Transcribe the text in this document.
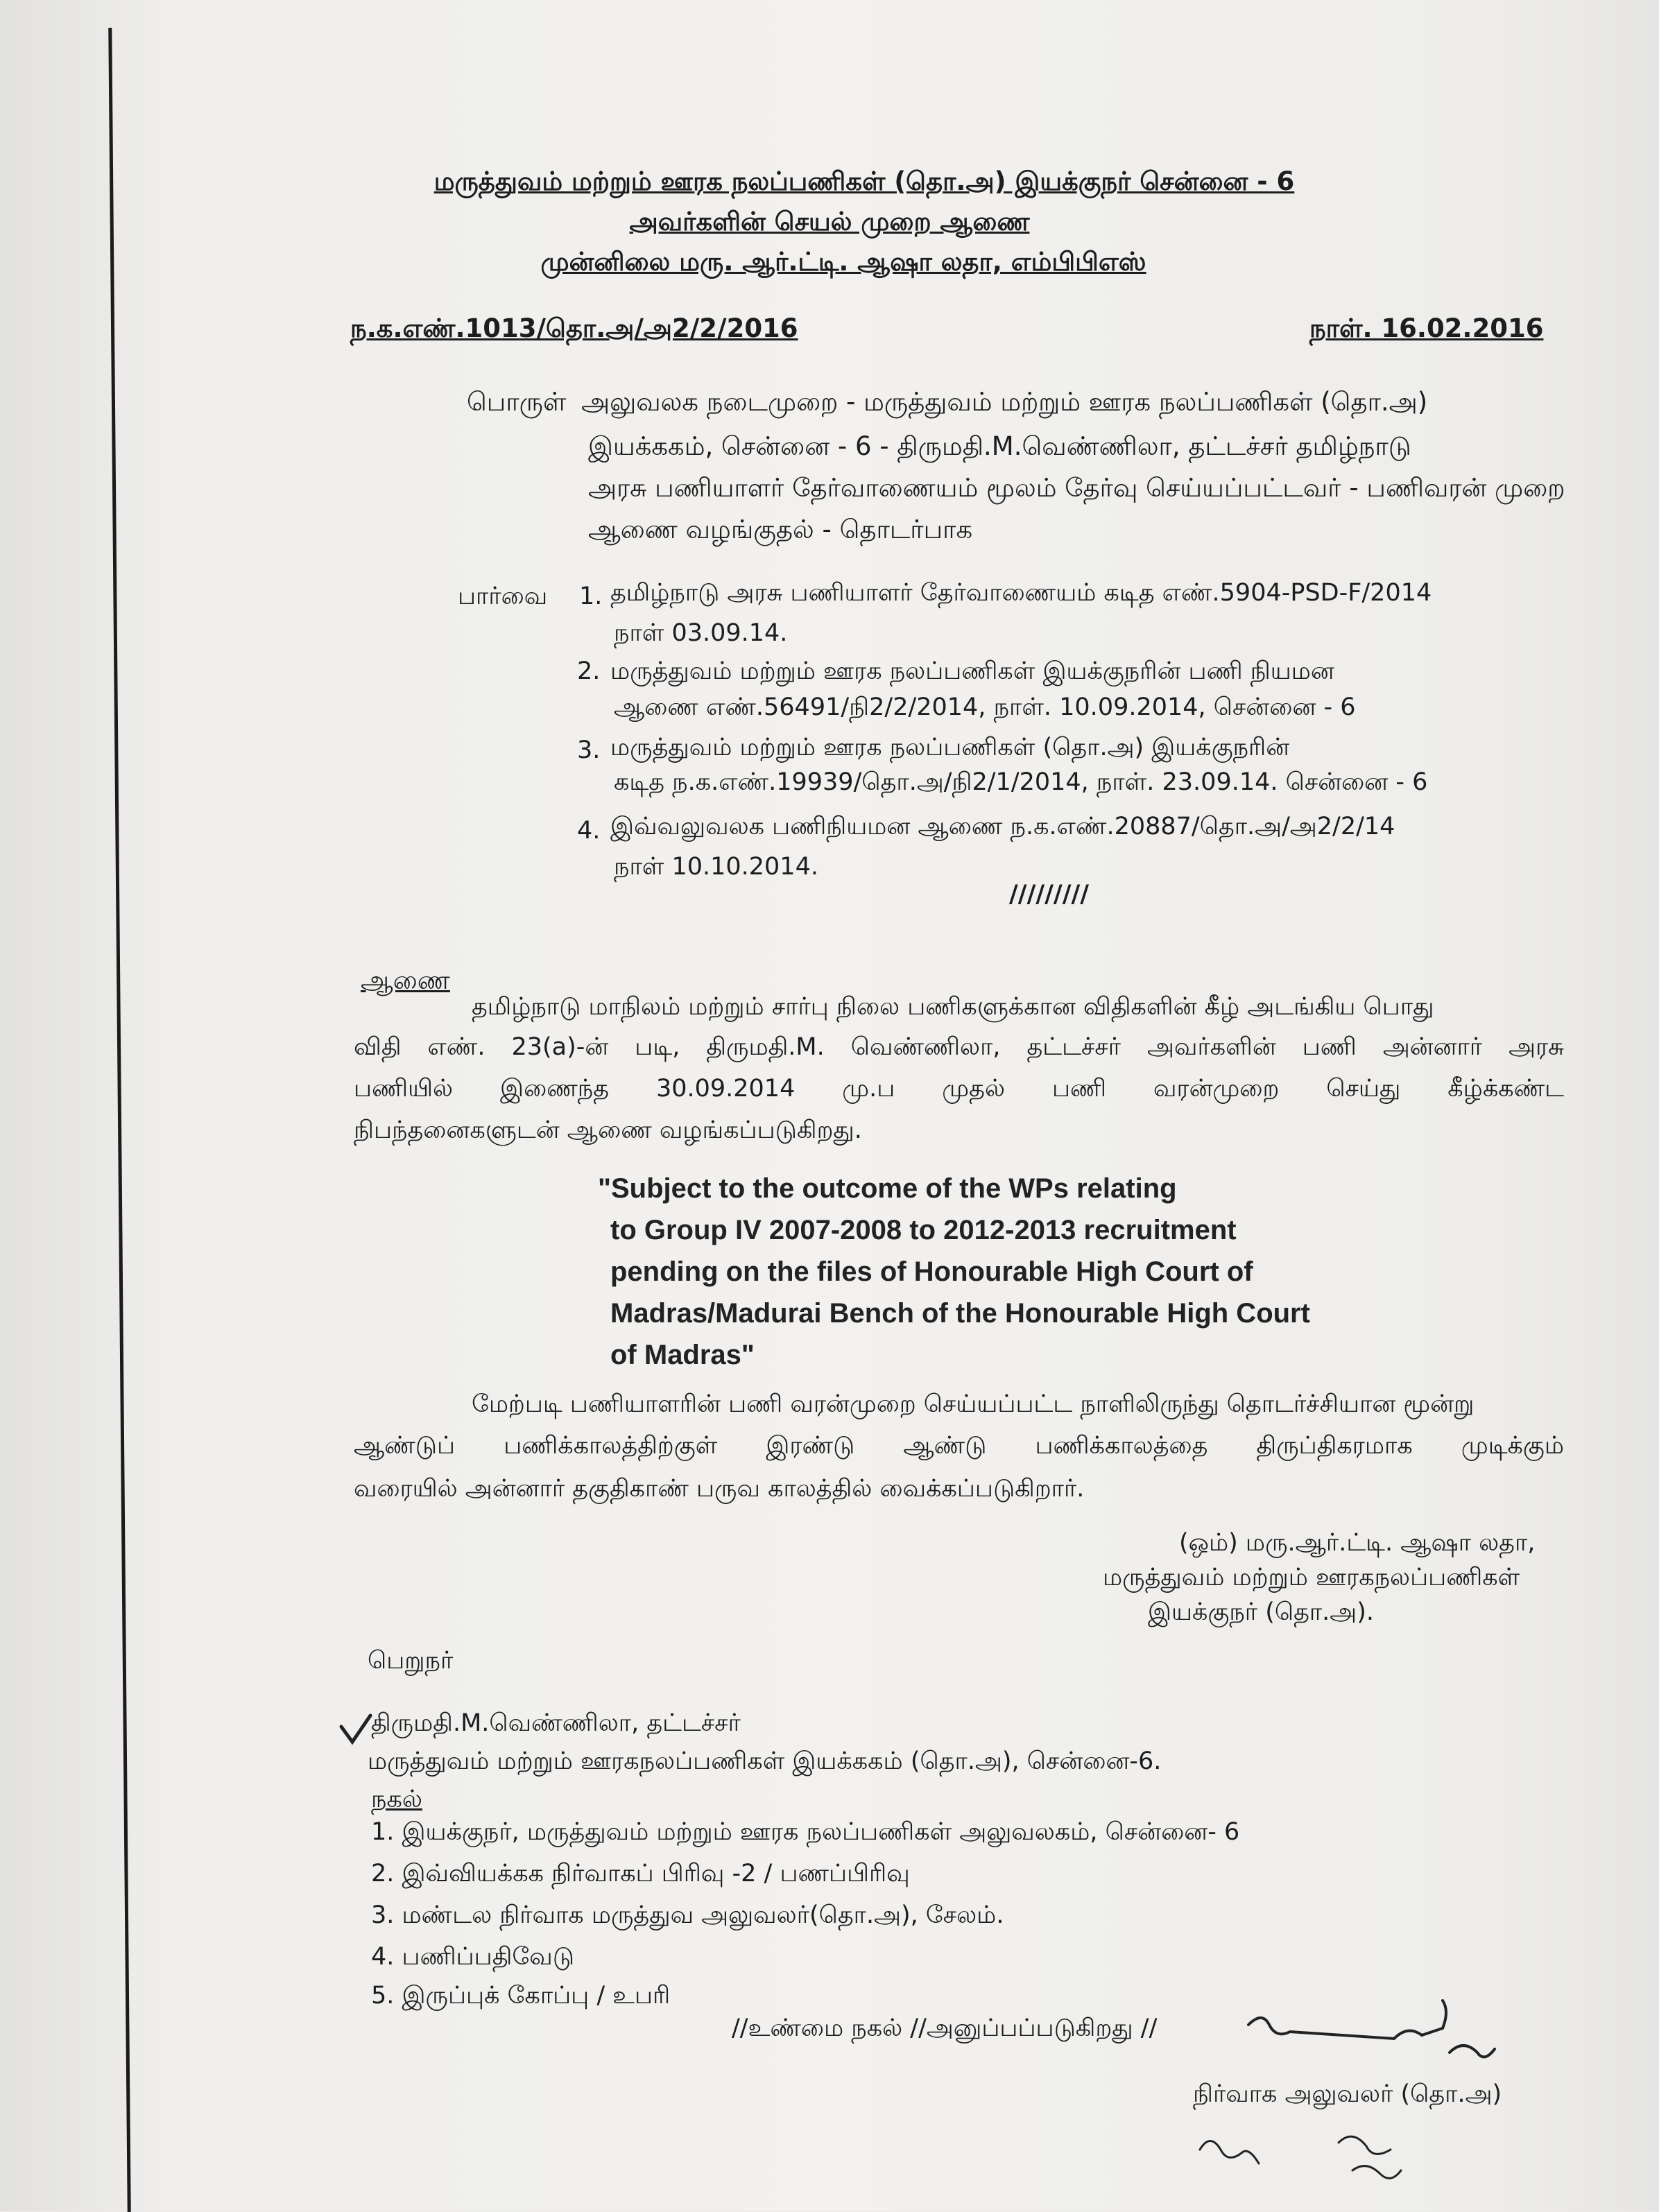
மருத்துவம் மற்றும் ஊரக நலப்பணிகள் (தொ.அ) இயக்குநர் சென்னை - 6
அவர்களின் செயல் முறை ஆணை
முன்னிலை மரு. ஆர்.ட்டி. ஆஷா லதா, எம்பிபிஎஸ்
ந.க.எண்.1013/தொ.அ/அ2/2/2016	நாள். 16.02.2016
பொருள் அலுவலக நடைமுறை - மருத்துவம் மற்றும் ஊரக நலப்பணிகள் (தொ.அ)
இயக்ககம், சென்னை - 6 - திருமதி.M.வெண்ணிலா, தட்டச்சர் தமிழ்நாடு
அரசு பணியாளர் தேர்வாணையம் மூலம் தேர்வு செய்யப்பட்டவர் - பணிவரன் முறை
ஆணை வழங்குதல் - தொடர்பாக
பார்வை 1. தமிழ்நாடு அரசு பணியாளர் தேர்வாணையம் கடித எண்.5904-PSD-F/2014
நாள் 03.09.14.
2. மருத்துவம் மற்றும் ஊரக நலப்பணிகள் இயக்குநரின் பணி நியமன
ஆணை எண்.56491/நி2/2/2014, நாள். 10.09.2014, சென்னை - 6
3. மருத்துவம் மற்றும் ஊரக நலப்பணிகள் (தொ.அ) இயக்குநரின்
கடித ந.க.எண்.19939/தொ.அ/நி2/1/2014, நாள். 23.09.14. சென்னை - 6
4. இவ்வலுவலக பணிநியமன ஆணை ந.க.எண்.20887/தொ.அ/அ2/2/14
நாள் 10.10.2014.
/////////
ஆணை
தமிழ்நாடு மாநிலம் மற்றும் சார்பு நிலை பணிகளுக்கான விதிகளின் கீழ் அடங்கிய பொது
விதி எண். 23(a)-ன் படி, திருமதி.M. வெண்ணிலா, தட்டச்சர் அவர்களின் பணி அன்னார் அரசு
பணியில் இணைந்த 30.09.2014 மு.ப முதல் பணி வரன்முறை செய்து கீழ்க்கண்ட
நிபந்தனைகளுடன் ஆணை வழங்கப்படுகிறது.
"Subject to the outcome of the WPs relating
to Group IV 2007-2008 to 2012-2013 recruitment
pending on the files of Honourable High Court of
Madras/Madurai Bench of the Honourable High Court
of Madras"
மேற்படி பணியாளரின் பணி வரன்முறை செய்யப்பட்ட நாளிலிருந்து தொடர்ச்சியான மூன்று
ஆண்டுப் பணிக்காலத்திற்குள் இரண்டு ஆண்டு பணிக்காலத்தை திருப்திகரமாக முடிக்கும்
வரையில் அன்னார் தகுதிகாண் பருவ காலத்தில் வைக்கப்படுகிறார்.
(ஒம்) மரு.ஆர்.ட்டி. ஆஷா லதா,
மருத்துவம் மற்றும் ஊரகநலப்பணிகள்
இயக்குநர் (தொ.அ).
பெறுநர்
திருமதி.M.வெண்ணிலா, தட்டச்சர்
மருத்துவம் மற்றும் ஊரகநலப்பணிகள் இயக்ககம் (தொ.அ), சென்னை-6.
நகல்
1. இயக்குநர், மருத்துவம் மற்றும் ஊரக நலப்பணிகள் அலுவலகம், சென்னை- 6
2. இவ்வியக்கக நிர்வாகப் பிரிவு -2 / பணப்பிரிவு
3. மண்டல நிர்வாக மருத்துவ அலுவலர்(தொ.அ), சேலம்.
4. பணிப்பதிவேடு
5. இருப்புக் கோப்பு / உபரி
//உண்மை நகல் //அனுப்பப்படுகிறது //
நிர்வாக அலுவலர் (தொ.அ)
